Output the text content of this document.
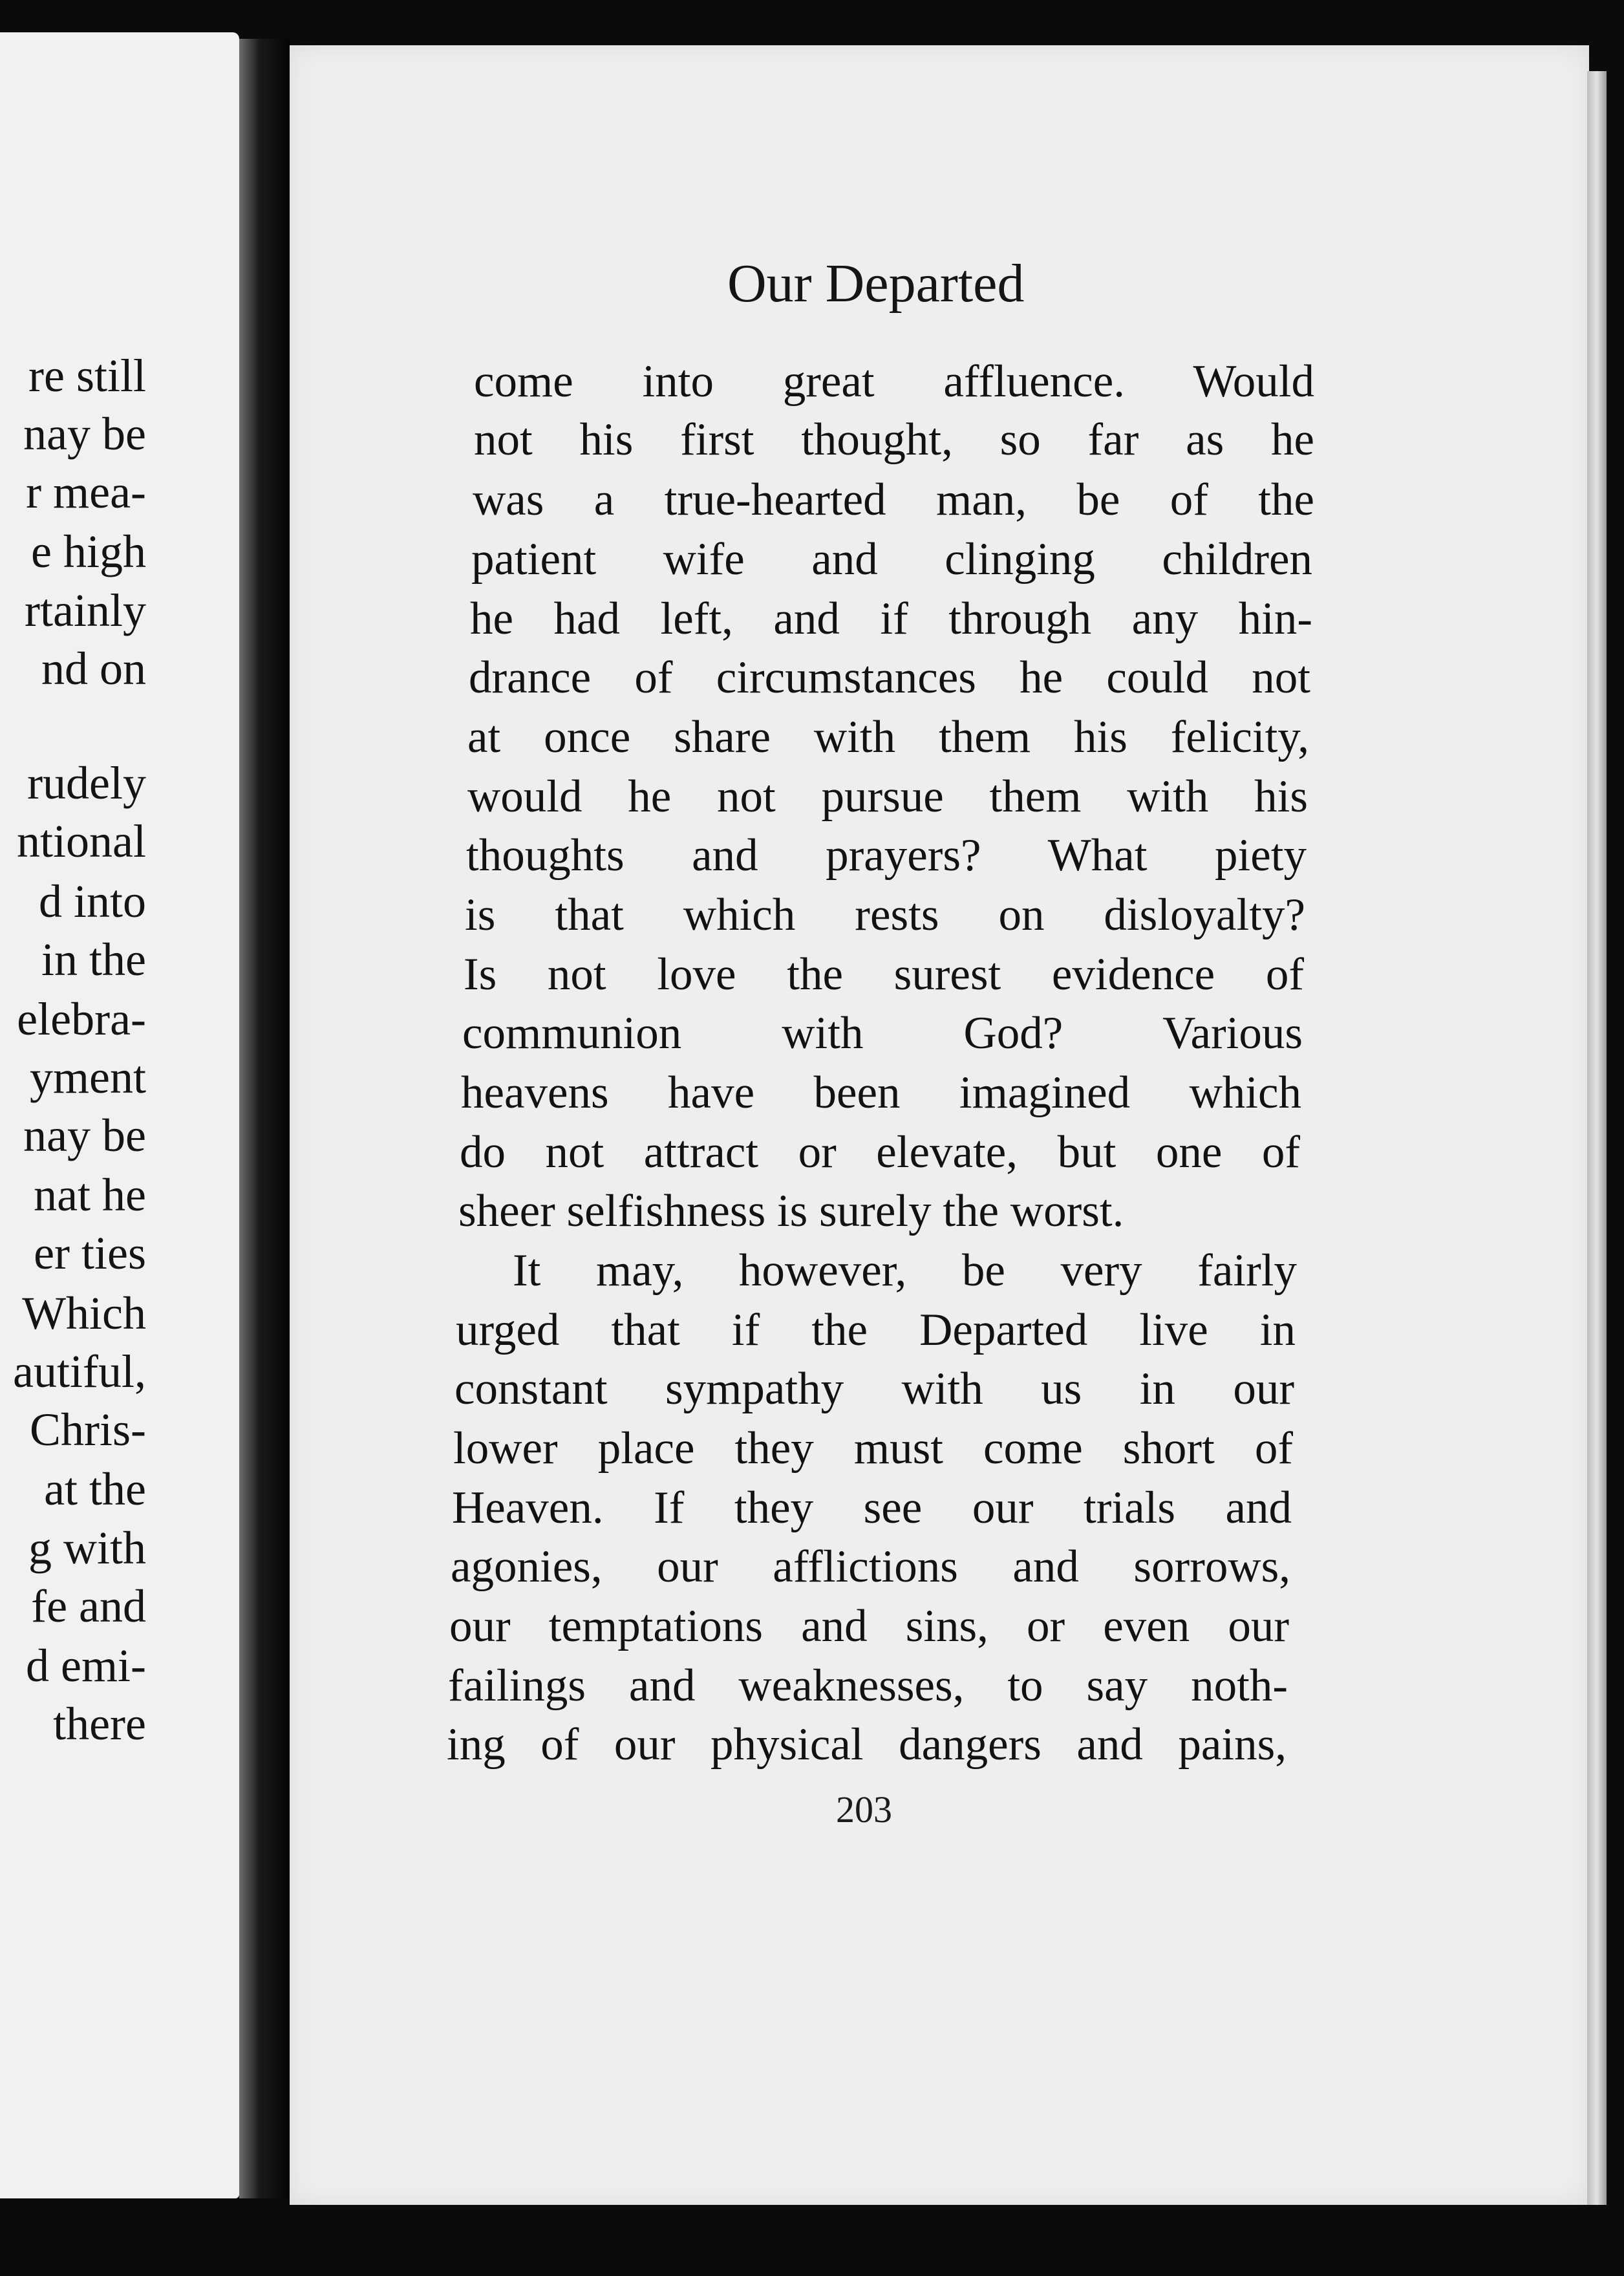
re still

nay be

r mea-

e high

rtainly

nd on

rudely

ntional

d into

in the

elebra-

yment

nay be

nat he

er ties

Which

autiful,

Chris-

at the

g with

fe and

d emi-

there

Our Departed

come into great affluence. Would

not his first thought, so far as he

was a true-hearted man, be of the

patient wife and clinging children

he had left, and if through any hin-

drance of circumstances he could not

at once share with them his felicity,

would he not pursue them with his

thoughts and prayers? What piety

is that which rests on disloyalty?

Is not love the surest evidence of

communion with God? Various

heavens have been imagined which

do not attract or elevate, but one of

sheer selfishness is surely the worst.

It may, however, be very fairly

urged that if the Departed live in

constant sympathy with us in our

lower place they must come short of

Heaven. If they see our trials and

agonies, our afflictions and sorrows,

our temptations and sins, or even our

failings and weaknesses, to say noth-

ing of our physical dangers and pains,

203
